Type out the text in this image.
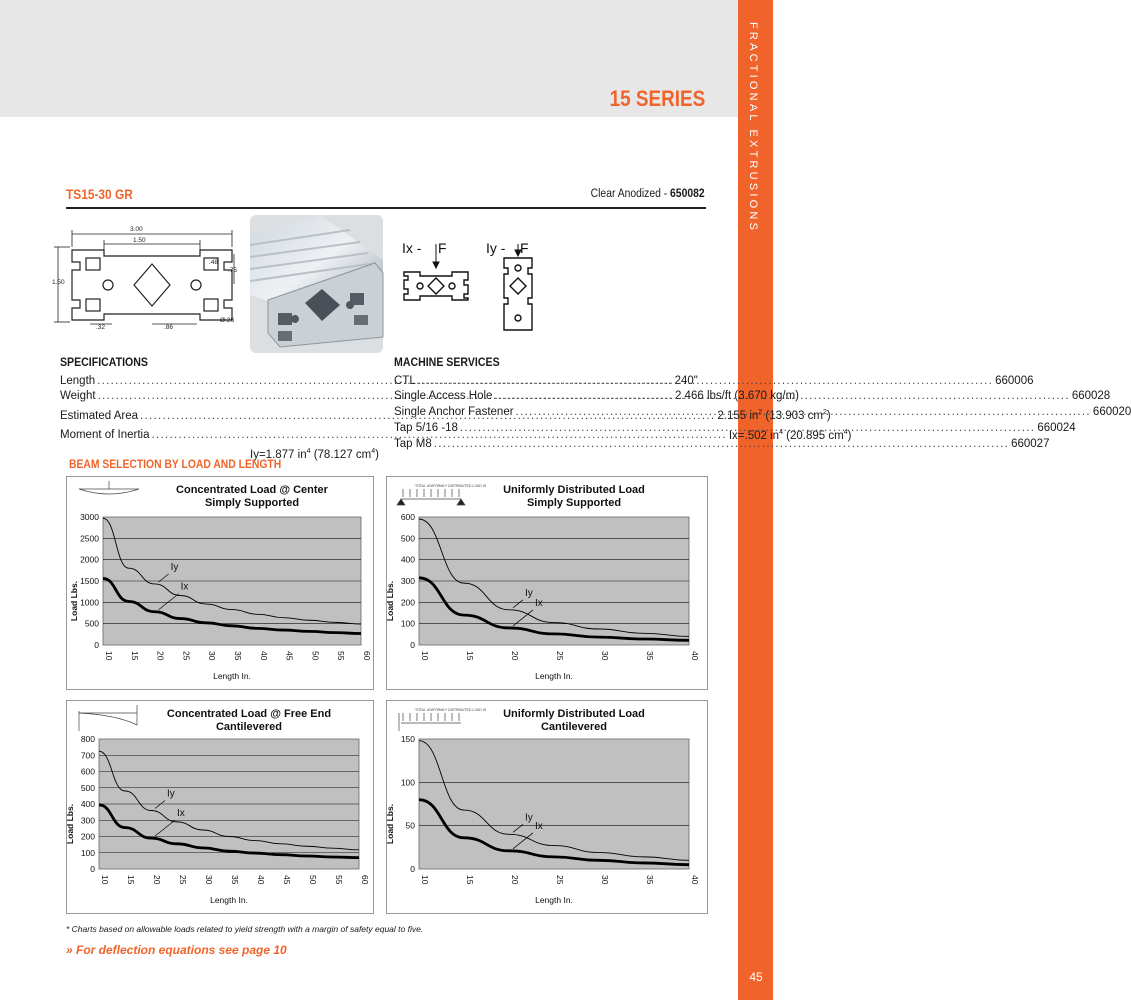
FRACTIONAL EXTRUSIONS
45
15 SERIES
TS15-30 GR	Clear Anodized - 650082
3.00
1.50
1.50
.48
.75
.32	.86
Ø.26
Ix - F	Iy - F
SPECIFICATIONS
Length .....	240"
Weight .....	2.466 lbs/ft (3.670 kg/m)
Estimated Area .....	2.155 $in^2$ (13.903 $cm^2$)
Moment of Inertia .....	Ix=.502 $in^4$ (20.895 $cm^4$)
Iy=1.877 $in^4$ (78.127 $cm^4$)
MACHINE SERVICES
CTL .....	660006
Single Access Hole .....	660028
Single Anchor Fastener .....	660020
Tap 5/16 -18 .....	660024
Tap M8 .....	660027
BEAM SELECTION BY LOAD AND LENGTH
Concentrated Load @ Center
Simply Supported
0
500
1000
1500
2000
2500
3000
10 15 20 25 30 35 40 45 50 55 60
Load Lbs.
Length In.
Iy
Ix
TOTAL UNIFORMLY DISTRIBUTED LOAD W Uniformly Distributed Load
Simply Supported
0
100
200
300
400
500
600
10	15	20	25	30	35	40
Load Lbs.
Length In.
Iy
Ix
Concentrated Load @ Free End
Cantilevered
0
100
200
300
400
500
600
700
800
10 15 20 25 30 35 40 45 50 55 60
Load Lbs.
Length In.
Iy
Ix
TOTAL UNIFORMLY DISTRIBUTED LOAD W Uniformly Distributed Load
Cantilevered
0
50
100
150
10	15	20	25	30	35	40
Load Lbs.
Length In.
Iy
Ix
* Charts based on allowable loads related to yield strength with a margin of safety equal to five.
» For deflection equations see page 10
